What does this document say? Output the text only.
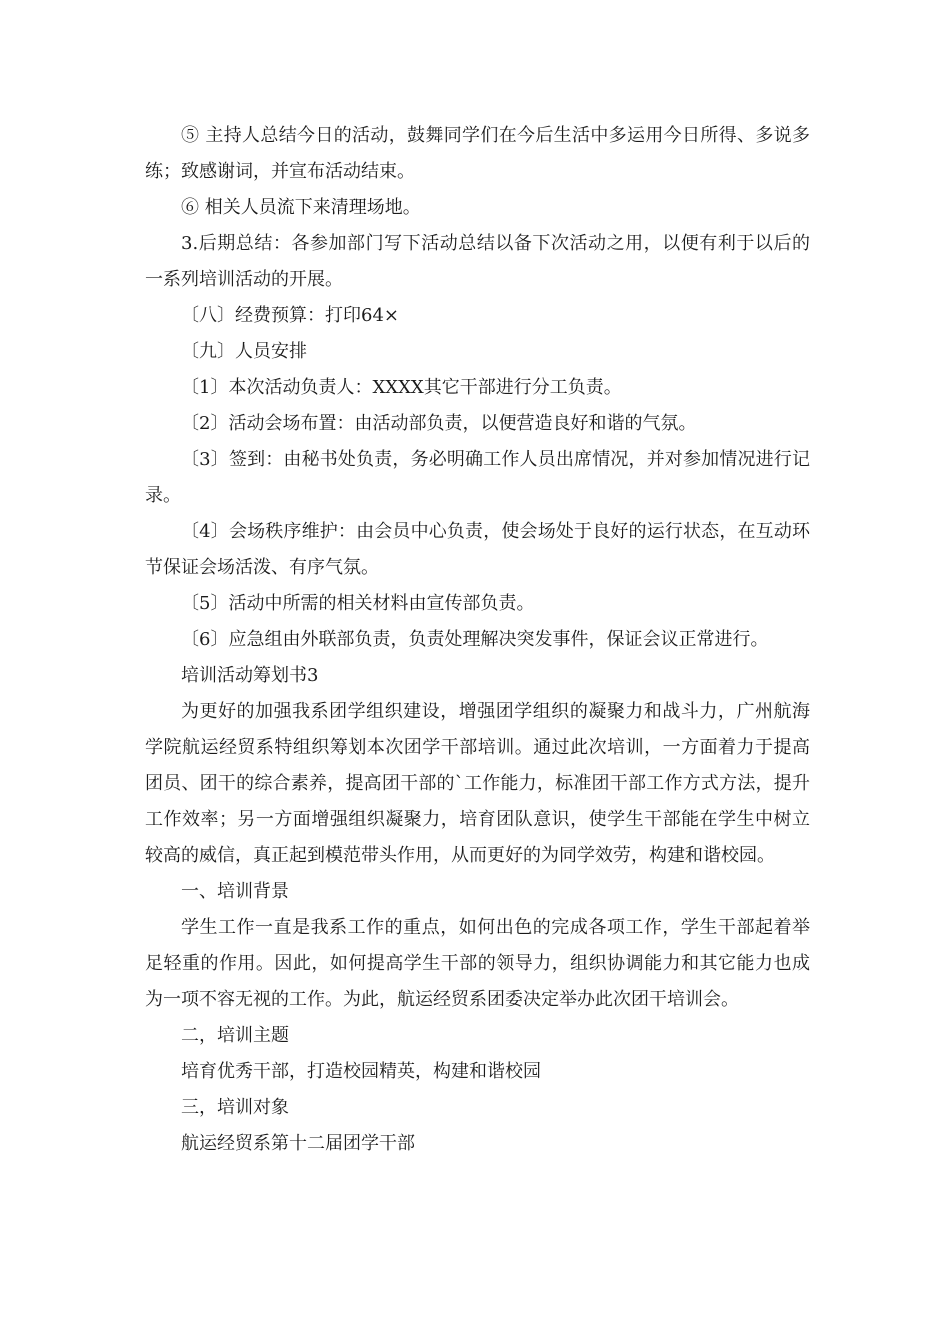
⑤ 主持人总结今日的活动，鼓舞同学们在今后生活中多运用今日所得、多说多练；致感谢词，并宣布活动结束。

⑥ 相关人员流下来清理场地。

3.后期总结：各参加部门写下活动总结以备下次活动之用，以便有利于以后的一系列培训活动的开展。

〔八〕经费预算：打印64×

〔九〕人员安排

〔1〕本次活动负责人：XXXX其它干部进行分工负责。

〔2〕活动会场布置：由活动部负责，以便营造良好和谐的气氛。

〔3〕签到：由秘书处负责，务必明确工作人员出席情况，并对参加情况进行记录。

〔4〕会场秩序维护：由会员中心负责，使会场处于良好的运行状态，在互动环节保证会场活泼、有序气氛。

〔5〕活动中所需的相关材料由宣传部负责。

〔6〕应急组由外联部负责，负责处理解决突发事件，保证会议正常进行。

培训活动筹划书3

为更好的加强我系团学组织建设，增强团学组织的凝聚力和战斗力，广州航海学院航运经贸系特组织筹划本次团学干部培训。通过此次培训，一方面着力于提高团员、团干的综合素养，提高团干部的`工作能力，标准团干部工作方式方法，提升工作效率；另一方面增强组织凝聚力，培育团队意识，使学生干部能在学生中树立较高的威信，真正起到模范带头作用，从而更好的为同学效劳，构建和谐校园。

一、培训背景

学生工作一直是我系工作的重点，如何出色的完成各项工作，学生干部起着举足轻重的作用。因此，如何提高学生干部的领导力，组织协调能力和其它能力也成为一项不容无视的工作。为此，航运经贸系团委决定举办此次团干培训会。

二，培训主题

培育优秀干部，打造校园精英，构建和谐校园

三，培训对象

航运经贸系第十二届团学干部
